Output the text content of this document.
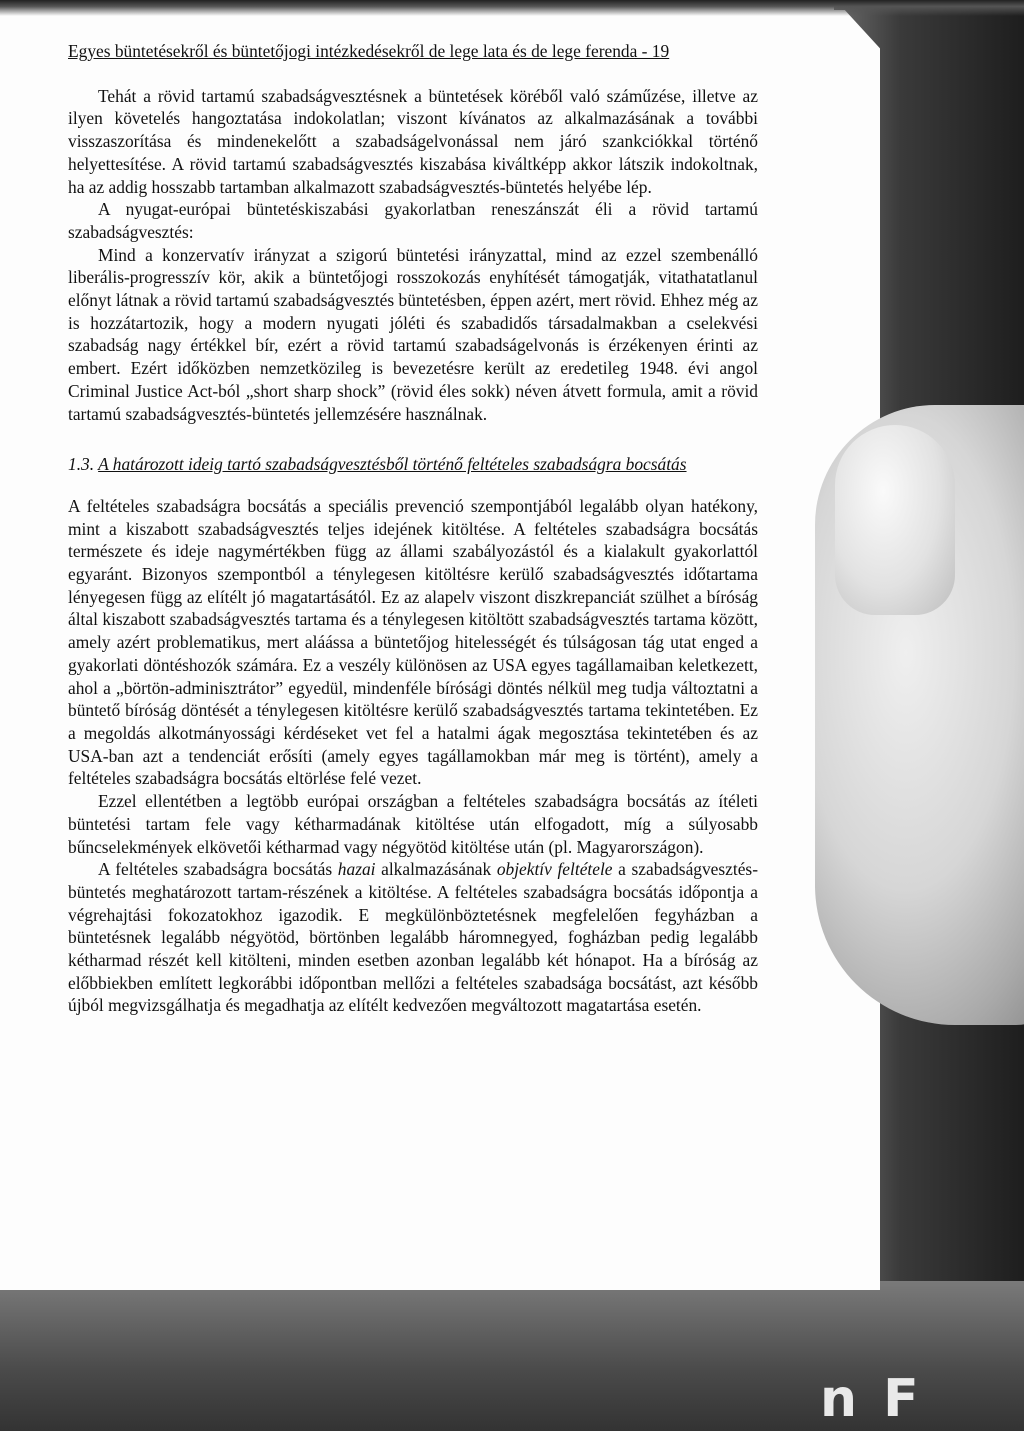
n F
Egyes büntetésekről és büntetőjogi intézkedésekről de lege lata és de lege ferenda - 19

Tehát a rövid tartamú szabadságvesztésnek a büntetések köréből való száműzése, illetve az ilyen követelés hangoztatása indokolatlan; viszont kívánatos az alkalmazásának a további visszaszorítása és mindenekelőtt a szabadságelvonással nem járó szankciókkal történő helyettesítése. A rövid tartamú szabadságvesztés kiszabása kiváltképp akkor látszik indokoltnak, ha az addig hosszabb tartamban alkalmazott szabadságvesztés-büntetés helyébe lép.

A nyugat-európai büntetéskiszabási gyakorlatban reneszánszát éli a rövid tartamú szabadságvesztés:

Mind a konzervatív irányzat a szigorú büntetési irányzattal, mind az ezzel szembenálló liberális-progresszív kör, akik a büntetőjogi rosszokozás enyhítését támogatják, vitathatatlanul előnyt látnak a rövid tartamú szabadságvesztés büntetésben, éppen azért, mert rövid. Ehhez még az is hozzátartozik, hogy a modern nyugati jóléti és szabadidős társadalmakban a cselekvési szabadság nagy értékkel bír, ezért a rövid tartamú szabadságelvonás is érzékenyen érinti az embert. Ezért időközben nemzetközileg is bevezetésre került az eredetileg 1948. évi angol Criminal Justice Act-ból „short sharp shock” (rövid éles sokk) néven átvett formula, amit a rövid tartamú szabadságvesztés-büntetés jellemzésére használnak.

1.3. A határozott ideig tartó szabadságvesztésből történő feltételes szabadságra bocsátás

A feltételes szabadságra bocsátás a speciális prevenció szempontjából legalább olyan hatékony, mint a kiszabott szabadságvesztés teljes idejének kitöltése. A feltételes szabadságra bocsátás természete és ideje nagymértékben függ az állami szabályozástól és a kialakult gyakorlattól egyaránt. Bizonyos szempontból a ténylegesen kitöltésre kerülő szabadságvesztés időtartama lényegesen függ az elítélt jó magatartásától. Ez az alapelv viszont diszkrepanciát szülhet a bíróság által kiszabott szabadságvesztés tartama és a ténylegesen kitöltött szabadságvesztés tartama között, amely azért problematikus, mert aláássa a büntetőjog hitelességét és túlságosan tág utat enged a gyakorlati döntéshozók számára. Ez a veszély különösen az USA egyes tagállamaiban keletkezett, ahol a „börtön-adminisztrátor” egyedül, mindenféle bírósági döntés nélkül meg tudja változtatni a büntető bíróság döntését a ténylegesen kitöltésre kerülő szabadságvesztés tartama tekintetében. Ez a megoldás alkotmányossági kérdéseket vet fel a hatalmi ágak megosztása tekintetében és az USA-ban azt a tendenciát erősíti (amely egyes tagállamokban már meg is történt), amely a feltételes szabadságra bocsátás eltörlése felé vezet.

Ezzel ellentétben a legtöbb európai országban a feltételes szabadságra bocsátás az ítéleti büntetési tartam fele vagy kétharmadának kitöltése után elfogadott, míg a súlyosabb bűncselekmények elkövetői kétharmad vagy négyötöd kitöltése után (pl. Magyarországon).

A feltételes szabadságra bocsátás hazai alkalmazásának objektív feltétele a szabadságvesztés-büntetés meghatározott tartam-részének a kitöltése. A feltételes szabadságra bocsátás időpontja a végrehajtási fokozatokhoz igazodik. E megkülönböztetésnek megfelelően fegyházban a büntetésnek legalább négyötöd, börtönben legalább háromnegyed, fogházban pedig legalább kétharmad részét kell kitölteni, minden esetben azonban legalább két hónapot. Ha a bíróság az előbbiekben említett legkorábbi időpontban mellőzi a feltételes szabadsága bocsátást, azt később újból megvizsgálhatja és megadhatja az elítélt kedvezően megváltozott magatartása esetén.
